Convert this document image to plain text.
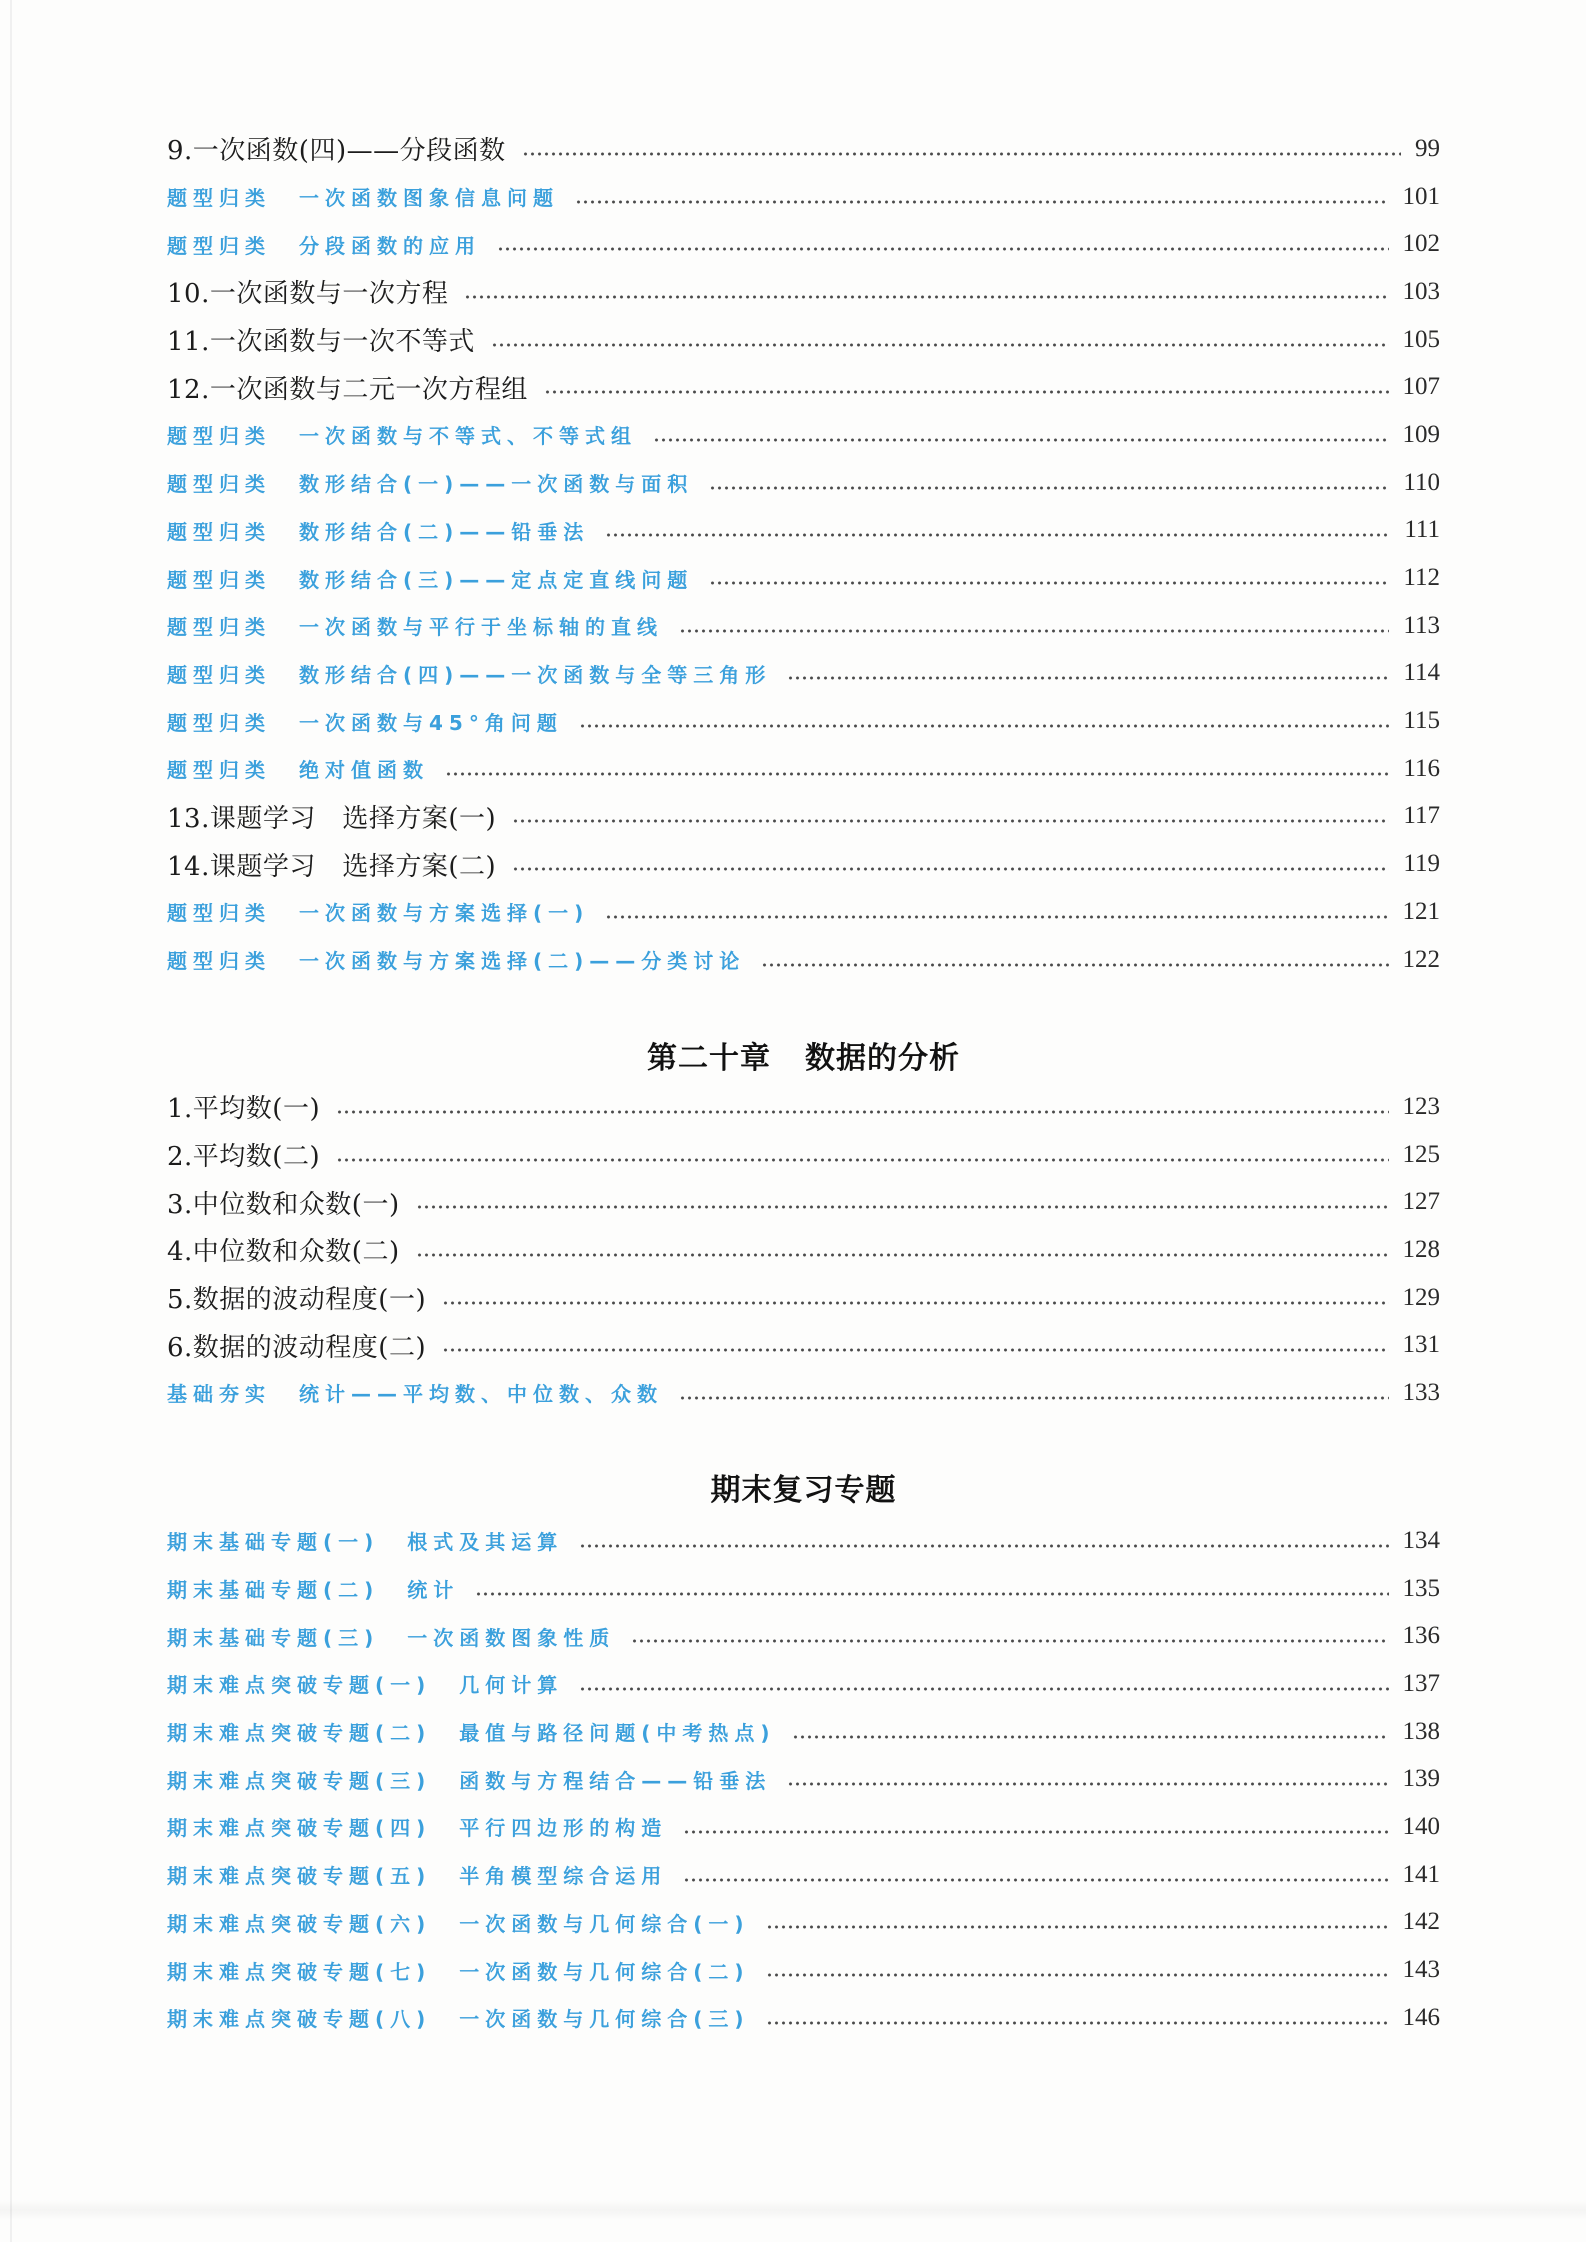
9.一次函数(四)——分段函数	99
题型归类 一次函数图象信息问题	101
题型归类 分段函数的应用	102
10.一次函数与一次方程	103
11.一次函数与一次不等式	105
12.一次函数与二元一次方程组	107
题型归类 一次函数与不等式、不等式组	109
题型归类 数形结合(一)——一次函数与面积	110
题型归类 数形结合(二)——铅垂法	111
题型归类 数形结合(三)——定点定直线问题	112
题型归类 一次函数与平行于坐标轴的直线	113
题型归类 数形结合(四)——一次函数与全等三角形	114
题型归类 一次函数与45°角问题	115
题型归类 绝对值函数	116
13.课题学习　选择方案(一)	117
14.课题学习　选择方案(二)	119
题型归类 一次函数与方案选择(一)	121
题型归类 一次函数与方案选择(二)——分类讨论	122
第二十章 数据的分析
1.平均数(一)	123
2.平均数(二)	125
3.中位数和众数(一)	127
4.中位数和众数(二)	128
5.数据的波动程度(一)	129
6.数据的波动程度(二)	131
基础夯实 统计——平均数、中位数、众数	133
期末复习专题
期末基础专题(一) 根式及其运算	134
期末基础专题(二) 统计	135
期末基础专题(三) 一次函数图象性质	136
期末难点突破专题(一) 几何计算	137
期末难点突破专题(二) 最值与路径问题(中考热点)	138
期末难点突破专题(三) 函数与方程结合——铅垂法	139
期末难点突破专题(四) 平行四边形的构造	140
期末难点突破专题(五) 半角模型综合运用	141
期末难点突破专题(六) 一次函数与几何综合(一)	142
期末难点突破专题(七) 一次函数与几何综合(二)	143
期末难点突破专题(八) 一次函数与几何综合(三)	146
